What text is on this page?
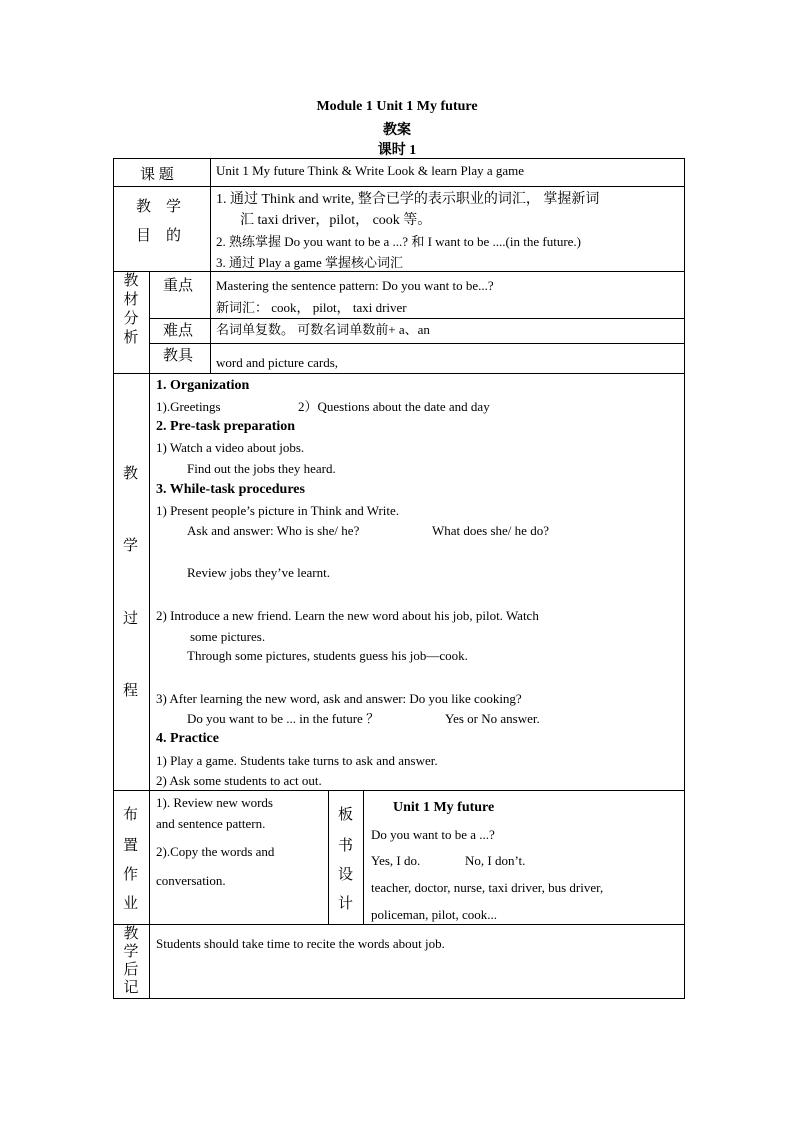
Module 1 Unit 1 My future
教案
课时 1
课 题	Unit 1 My future Think & Write Look & learn Play a game
教　学
目　的
1. 通过 Think and write, 整合已学的表示职业的词汇， 掌握新词
汇 taxi driver，pilot， cook 等。
2. 熟练掌握 Do you want to be a ...? 和 I want to be ....(in the future.)
3. 通过 Play a game 掌握核心词汇
教材分析
重点 Mastering the sentence pattern: Do you want to be...?
新词汇： cook， pilot， taxi driver
难点 名词单复数。 可数名词单数前+ a、an
教具 word and picture cards,
教
学
过
程
1. Organization
1).Greetings	2）Questions about the date and day
2. Pre-task preparation
1) Watch a video about jobs.
Find out the jobs they heard.
3. While-task procedures
1) Present people’s picture in Think and Write.
Ask and answer: Who is she/ he?	What does she/ he do?
Review jobs they’ve learnt.
2) Introduce a new friend. Learn the new word about his job, pilot. Watch
some pictures.
Through some pictures, students guess his job—cook.
3) After learning the new word, ask and answer: Do you like cooking?
Do you want to be ... in the future ？	Yes or No answer.
4. Practice
1) Play a game. Students take turns to ask and answer.
2) Ask some students to act out.
布
置
作
业
1). Review new words
and sentence pattern.
2).Copy the words and
conversation.
板
书
设
计
Unit 1 My future
Do you want to be a ...?
Yes, I do.	No, I don’t.
teacher, doctor, nurse, taxi driver, bus driver,
policeman, pilot, cook...
教学后记
Students should take time to recite the words about job.
